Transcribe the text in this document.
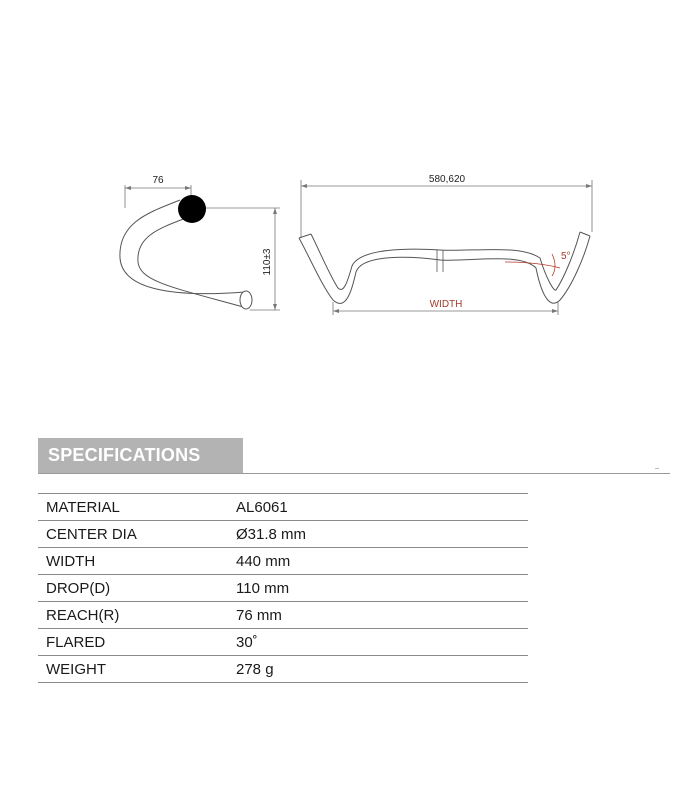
76
110±3
580,620
5°
WIDTH
SPECIFICATIONS
MATERIAL	AL6061
CENTER DIA	Ø31.8 mm
WIDTH	440 mm
DROP(D)	110 mm
REACH(R)	76 mm
FLARED	30˚
WEIGHT	278 g
